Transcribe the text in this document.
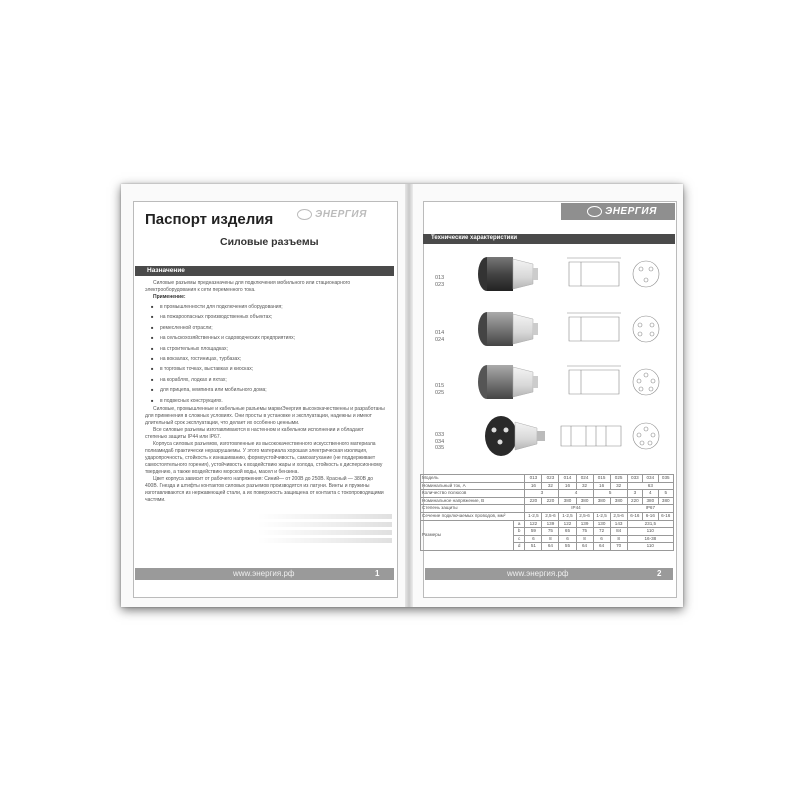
ЭНЕРГИЯ
Паспорт изделия
Силовые разъемы
Назначение

Силовые разъемы предназначены для подключения мобильного или стационарного электрооборудования к сети переменного тока.

Применение:

■ в промышленности для подключения оборудования;
■ на пожароопасных производственных объектах;
■ ремесленной отрасли;
■ на сельскохозяйственных и садоводческих предприятиях;
■ на строительных площадках;
■ на вокзалах, гостиницах, турбазах;
■ в торговых точках, выставках и киосках;
■ на кораблях, лодках и яхтах;
■ для прицепа, кемпинга или мобильного дома;
■ в подвесных конструкциях.

Силовые, промышленные и кабельные разъемы маркиЭнергия высококачественны и разработаны для применения в сложных условиях. Они просты в установке и эксплуатации, надежны и имеют длительный срок эксплуатации, что делает их особенно ценными.

Все силовые разъемы изготавливаются в настенном и кабельном исполнении и обладают степенью защиты IP44 или IP67.

Корпуса силовых разъемов, изготовленные из высококачественного искусственного материала полиамида6 практически неразрушаемы. У этого материала хорошая электрическая изоляция, ударопрочность, стойкость к изнашиванию, формоустойчивость, самозатухание (не поддерживает самостоятельного горения), устойчивость к воздействию жары и холода, стойкость к дисперсионному твердению, а также воздействию морской воды, масел и бензина.

Цвет корпуса зависит от рабочего напряжения: Синий— от 200В до 250В. Красный — 380В до 400В. Гнезда и штифты контактов силовых разъемов производятся из латуни. Винты и пружины изготавливаются из нержавеющей стали, а их поверхность защищена от контакта с токопроводящими частями.

www.энергия.рф	1
ЭНЕРГИЯ
Технические характеристики
013
023
014
024
015
025
033
034
035
www.энергия.рф	2
Модель		013	023	014	024	015	025	033	034	035
Номинальный ток, А		16	32	16	32	16	32	63		
Количество полюсов		3		4		5		3	4	5
Номинальное напряжение, В		220	220	380	380	380	380	220	380	380
Степень защиты		IP44						IP67		
Сечение подключаемых проводов, мм²		1-2,5	2,5-6	1-2,5	2,5-6	1-2,5	2,5-6	6-16	6-16	6-16
Размеры	a	122	139	122	139	130	143	231,5		
	b	59	75	65	75	72	84	110		
	c	6	8	6	8	6	8	16-38		
	d	51	64	55	64	64	70	110		
